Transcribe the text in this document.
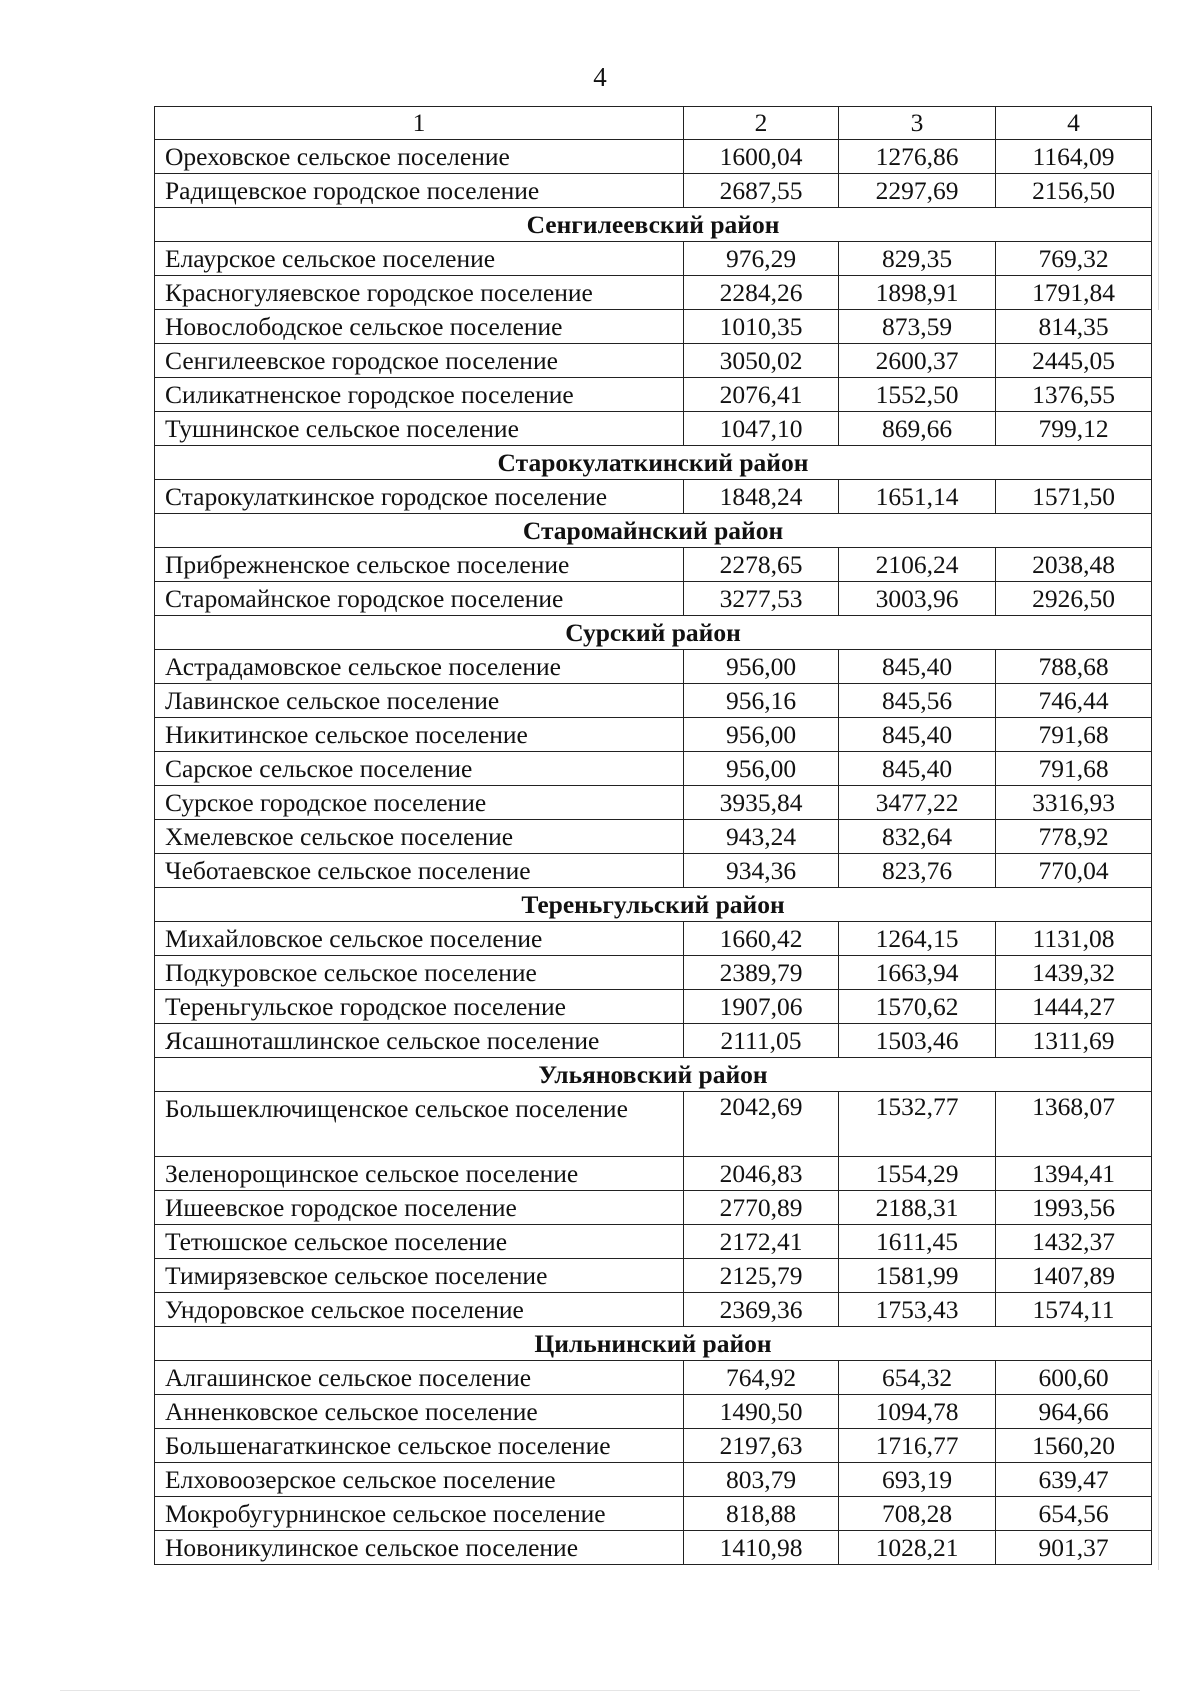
4
1	2	3	4
Ореховское сельское поселение	1600,04	1276,86	1164,09
Радищевское городское поселение	2687,55	2297,69	2156,50
Сенгилеевский район			
Елаурское сельское поселение	976,29	829,35	769,32
Красногуляевское городское поселение	2284,26	1898,91	1791,84
Новослободское сельское поселение	1010,35	873,59	814,35
Сенгилеевское городское поселение	3050,02	2600,37	2445,05
Силикатненское городское поселение	2076,41	1552,50	1376,55
Тушнинское сельское поселение	1047,10	869,66	799,12
Старокулаткинский район			
Старокулаткинское городское поселение	1848,24	1651,14	1571,50
Старомайнский район			
Прибрежненское сельское поселение	2278,65	2106,24	2038,48
Старомайнское городское поселение	3277,53	3003,96	2926,50
Сурский район			
Астрадамовское сельское поселение	956,00	845,40	788,68
Лавинское сельское поселение	956,16	845,56	746,44
Никитинское сельское поселение	956,00	845,40	791,68
Сарское сельское поселение	956,00	845,40	791,68
Сурское городское поселение	3935,84	3477,22	3316,93
Хмелевское сельское поселение	943,24	832,64	778,92
Чеботаевское сельское поселение	934,36	823,76	770,04
Тереньгульский район			
Михайловское сельское поселение	1660,42	1264,15	1131,08
Подкуровское сельское поселение	2389,79	1663,94	1439,32
Тереньгульское городское поселение	1907,06	1570,62	1444,27
Ясашноташлинское сельское поселение	2111,05	1503,46	1311,69
Ульяновский район			
Большеключищенское сельское поселение	2042,69	1532,77	1368,07
Зеленорощинское сельское поселение	2046,83	1554,29	1394,41
Ишеевское городское поселение	2770,89	2188,31	1993,56
Тетюшское сельское поселение	2172,41	1611,45	1432,37
Тимирязевское сельское поселение	2125,79	1581,99	1407,89
Ундоровское сельское поселение	2369,36	1753,43	1574,11
Цильнинский район			
Алгашинское сельское поселение	764,92	654,32	600,60
Анненковское сельское поселение	1490,50	1094,78	964,66
Большенагаткинское сельское поселение	2197,63	1716,77	1560,20
Елховоозерское сельское поселение	803,79	693,19	639,47
Мокробугурнинское сельское поселение	818,88	708,28	654,56
Новоникулинское сельское поселение	1410,98	1028,21	901,37
